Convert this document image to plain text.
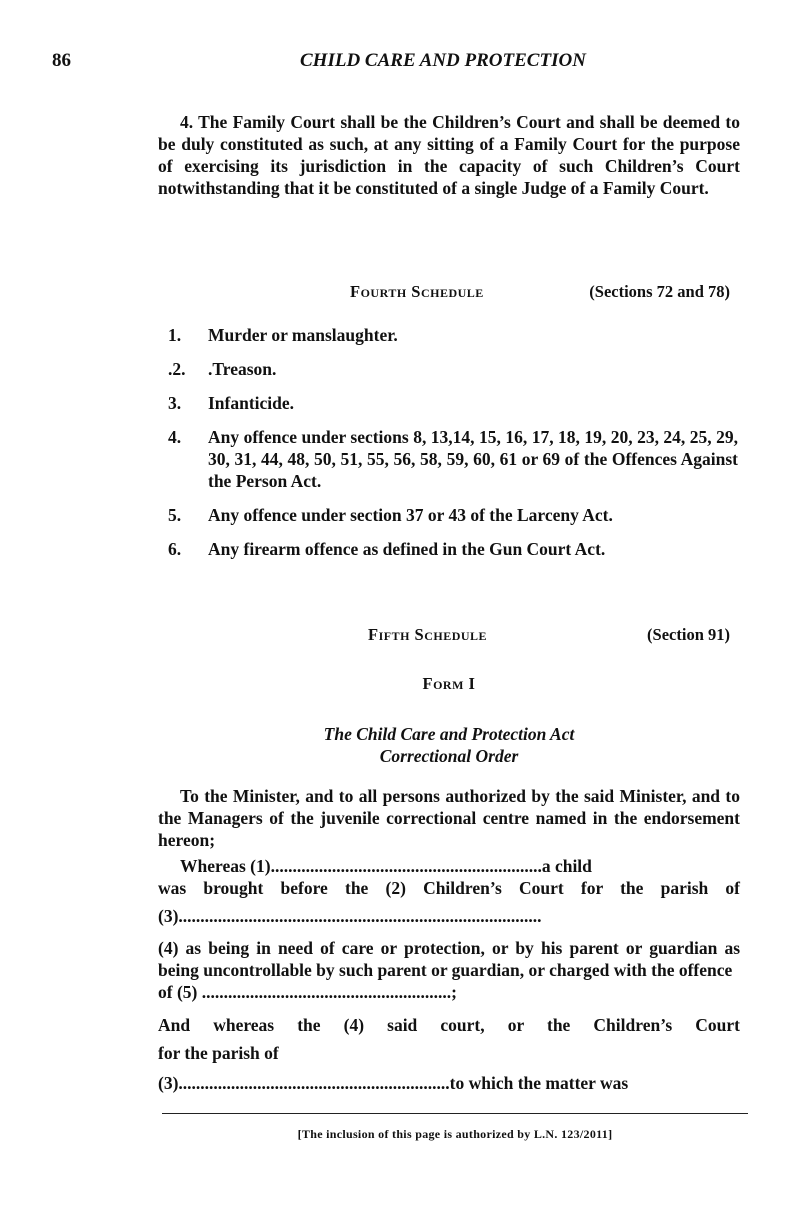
86	CHILD CARE AND PROTECTION

4. The Family Court shall be the Children’s Court and shall be deemed to be duly constituted as such, at any sitting of a Family Court for the purpose of exercising its jurisdiction in the capacity of such Children’s Court notwithstanding that it be constituted of a single Judge of a Family Court.

Fourth Schedule	(Sections 72 and 78)
1.	Murder or manslaughter.
.2.	.Treason.
3.	Infanticide.
4.	Any offence under sections 8, 13,14, 15, 16, 17, 18, 19, 20, 23, 24, 25, 29, 30, 31, 44, 48, 50, 51, 55, 56, 58, 59, 60, 61 or 69 of the Offences Against the Person Act.
5.	Any offence under section 37 or 43 of the Larceny Act.
6.	Any firearm offence as defined in the Gun Court Act.
Fifth Schedule	(Section 91)
Form I
The Child Care and Protection Act
Correctional Order

To the Minister, and to all persons authorized by the said Minister, and to the Managers of the juvenile correctional centre named in the endorsement hereon;

Whereas (1)..............................................................a child

was brought before the (2) Children’s Court for the parish of

(3)...................................................................................

(4) as being in need of care or protection, or by his parent or guardian as being uncontrollable by such parent or guardian, or charged with the offence

of (5) .........................................................;

And whereas the (4) said court, or the Children’s Court

for the parish of

(3)..............................................................to which the matter was
[The inclusion of this page is authorized by L.N. 123/2011]
